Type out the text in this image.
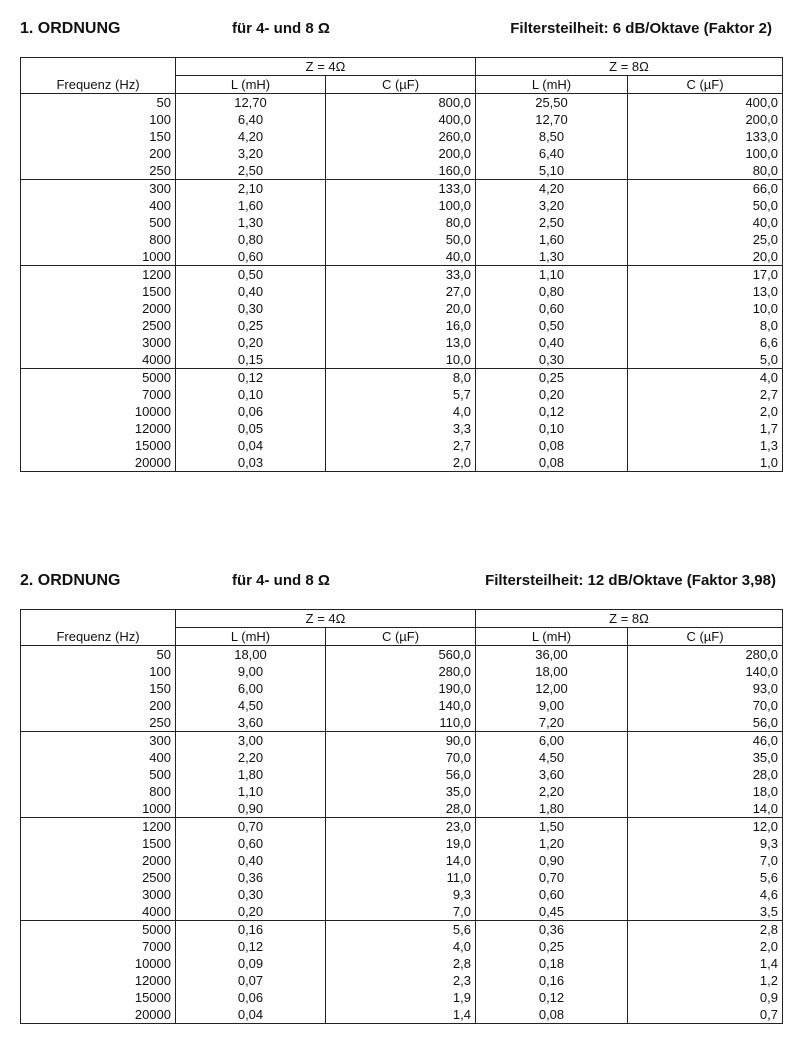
1. ORDNUNG	für 4- und 8 Ω	Filtersteilheit: 6 dB/Oktave (Faktor 2)
	Z = 4Ω		Z = 8Ω	
Frequenz (Hz)	L (mH)	C (µF)	L (mH)	C (µF)
50	12,70	800,0	25,50	400,0
100	6,40	400,0	12,70	200,0
150	4,20	260,0	8,50	133,0
200	3,20	200,0	6,40	100,0
250	2,50	160,0	5,10	80,0
300	2,10	133,0	4,20	66,0
400	1,60	100,0	3,20	50,0
500	1,30	80,0	2,50	40,0
800	0,80	50,0	1,60	25,0
1000	0,60	40,0	1,30	20,0
1200	0,50	33,0	1,10	17,0
1500	0,40	27,0	0,80	13,0
2000	0,30	20,0	0,60	10,0
2500	0,25	16,0	0,50	8,0
3000	0,20	13,0	0,40	6,6
4000	0,15	10,0	0,30	5,0
5000	0,12	8,0	0,25	4,0
7000	0,10	5,7	0,20	2,7
10000	0,06	4,0	0,12	2,0
12000	0,05	3,3	0,10	1,7
15000	0,04	2,7	0,08	1,3
20000	0,03	2,0	0,08	1,0
2. ORDNUNG	für 4- und 8 Ω	Filtersteilheit: 12 dB/Oktave (Faktor 3,98)
	Z = 4Ω		Z = 8Ω	
Frequenz (Hz)	L (mH)	C (µF)	L (mH)	C (µF)
50	18,00	560,0	36,00	280,0
100	9,00	280,0	18,00	140,0
150	6,00	190,0	12,00	93,0
200	4,50	140,0	9,00	70,0
250	3,60	110,0	7,20	56,0
300	3,00	90,0	6,00	46,0
400	2,20	70,0	4,50	35,0
500	1,80	56,0	3,60	28,0
800	1,10	35,0	2,20	18,0
1000	0,90	28,0	1,80	14,0
1200	0,70	23,0	1,50	12,0
1500	0,60	19,0	1,20	9,3
2000	0,40	14,0	0,90	7,0
2500	0,36	11,0	0,70	5,6
3000	0,30	9,3	0,60	4,6
4000	0,20	7,0	0,45	3,5
5000	0,16	5,6	0,36	2,8
7000	0,12	4,0	0,25	2,0
10000	0,09	2,8	0,18	1,4
12000	0,07	2,3	0,16	1,2
15000	0,06	1,9	0,12	0,9
20000	0,04	1,4	0,08	0,7
